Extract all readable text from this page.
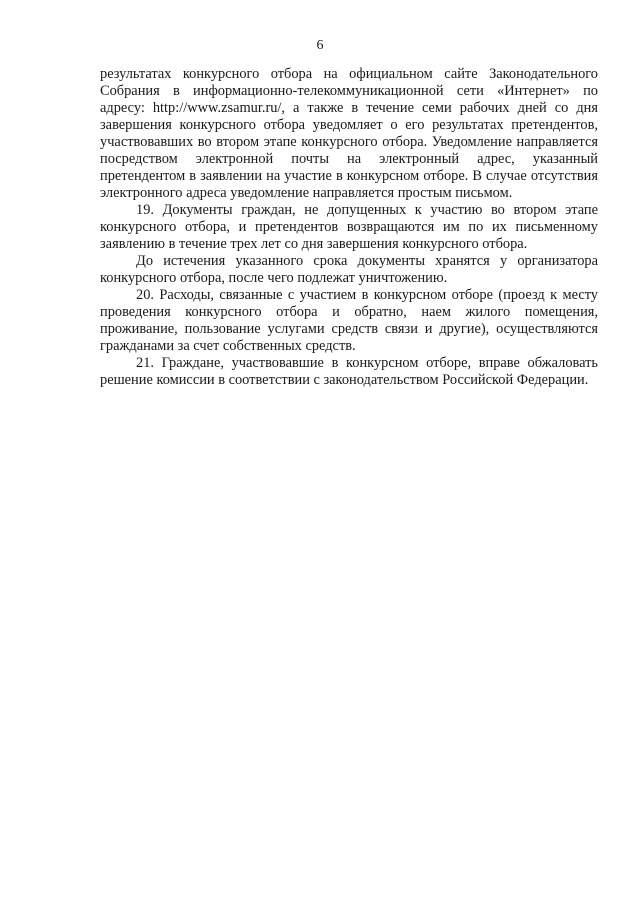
6

результатах конкурсного отбора на официальном сайте Законодательного Собрания в информационно-телекоммуникационной сети «Интернет» по адресу: http://www.zsamur.ru/, а также в течение семи рабочих дней со дня завершения конкурсного отбора уведомляет о его результатах претендентов, участвовавших во втором этапе конкурсного отбора. Уведомление направляется посредством электронной почты на электронный адрес, указанный претендентом в заявлении на участие в конкурсном отборе. В случае отсутствия электронного адреса уведомление направляется простым письмом.

19. Документы граждан, не допущенных к участию во втором этапе конкурсного отбора, и претендентов возвращаются им по их письменному заявлению в течение трех лет со дня завершения конкурсного отбора.

До истечения указанного срока документы хранятся у организатора конкурсного отбора, после чего подлежат уничтожению.

20. Расходы, связанные с участием в конкурсном отборе (проезд к месту проведения конкурсного отбора и обратно, наем жилого помещения, проживание, пользование услугами средств связи и другие), осуществляются гражданами за счет собственных средств.

21. Граждане, участвовавшие в конкурсном отборе, вправе обжаловать решение комиссии в соответствии с законодательством Российской Федерации.
